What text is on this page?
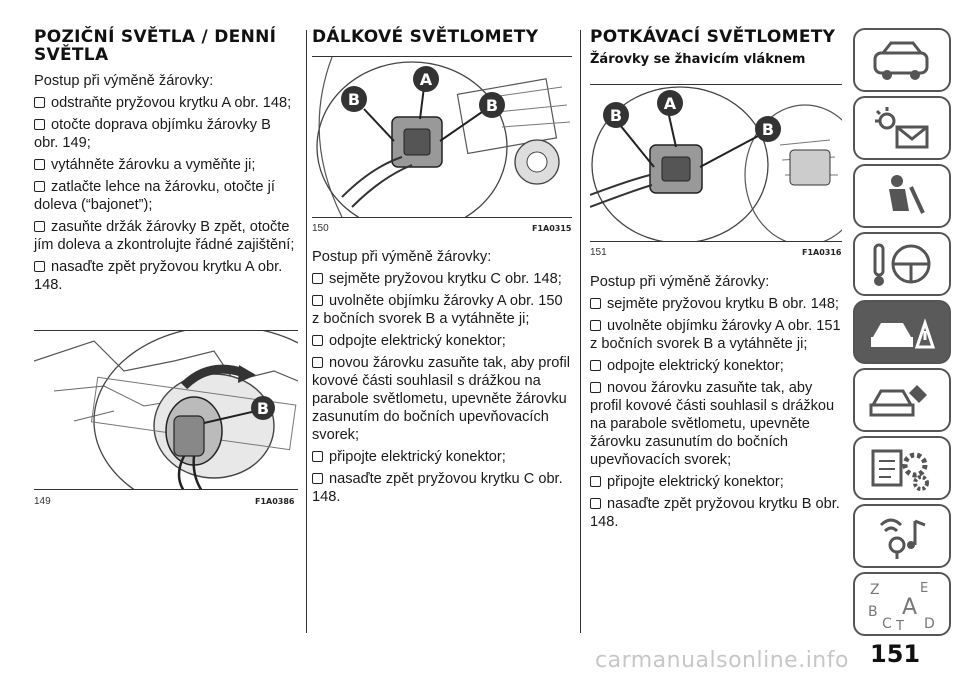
POZIČNÍ SVĚTLA / DENNÍ SVĚTLA

Postup při výměně žárovky:

odstraňte pryžovou krytku A obr. 148;

otočte doprava objímku žárovky B obr. 149;

vytáhněte žárovku a vyměňte ji;

zatlačte lehce na žárovku, otočte jí doleva (“bajonet”);

zasuňte držák žárovky B zpět, otočte jím doleva a zkontrolujte řádné zajištění;

nasaďte zpět pryžovou krytku A obr. 148.

B
149	F1A0386
DÁLKOVÉ SVĚTLOMETY
B
A
B
150	F1A0315

Postup při výměně žárovky:

sejměte pryžovou krytku C obr. 148;

uvolněte objímku žárovky A obr. 150 z bočních svorek B a vytáhněte ji;

odpojte elektrický konektor;

novou žárovku zasuňte tak, aby profil kovové části souhlasil s drážkou na parabole světlometu, upevněte žárovku zasunutím do bočních upevňovacích svorek;

připojte elektrický konektor;

nasaďte zpět pryžovou krytku C obr. 148.

POTKÁVACÍ SVĚTLOMETY
Žárovky se žhavicím vláknem
B
A
B
151	F1A0316

Postup při výměně žárovky:

sejměte pryžovou krytku B obr. 148;

uvolněte objímku žárovky A obr. 151 z bočních svorek B a vytáhněte ji;

odpojte elektrický konektor;

novou žárovku zasuňte tak, aby profil kovové části souhlasil s drážkou na parabole světlometu, upevněte žárovku zasunutím do bočních upevňovacích svorek;

připojte elektrický konektor;

nasaďte zpět pryžovou krytku B obr. 148.

Z	E
B A
C T D
151
carmanualsonline.info
